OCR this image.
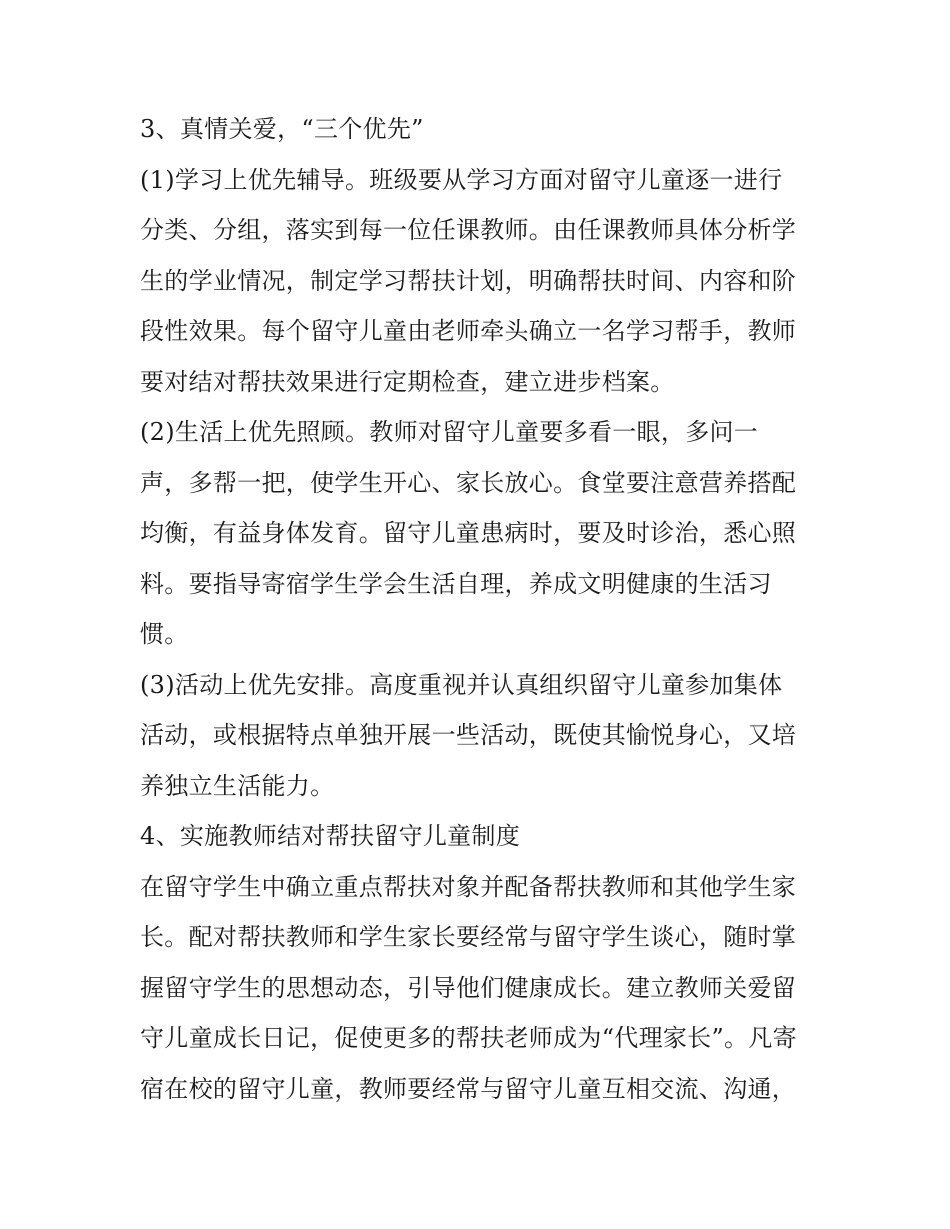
3、真情关爱，“三个优先”
(1)学习上优先辅导。班级要从学习方面对留守儿童逐一进行
分类、分组，落实到每一位任课教师。由任课教师具体分析学
生的学业情况，制定学习帮扶计划，明确帮扶时间、内容和阶
段性效果。每个留守儿童由老师牵头确立一名学习帮手，教师
要对结对帮扶效果进行定期检查，建立进步档案。
(2)生活上优先照顾。教师对留守儿童要多看一眼，多问一
声，多帮一把，使学生开心、家长放心。食堂要注意营养搭配
均衡，有益身体发育。留守儿童患病时，要及时诊治，悉心照
料。要指导寄宿学生学会生活自理，养成文明健康的生活习
惯。
(3)活动上优先安排。高度重视并认真组织留守儿童参加集体
活动，或根据特点单独开展一些活动，既使其愉悦身心，又培
养独立生活能力。
4、实施教师结对帮扶留守儿童制度
在留守学生中确立重点帮扶对象并配备帮扶教师和其他学生家
长。配对帮扶教师和学生家长要经常与留守学生谈心，随时掌
握留守学生的思想动态，引导他们健康成长。建立教师关爱留
守儿童成长日记，促使更多的帮扶老师成为“代理家长”。凡寄
宿在校的留守儿童，教师要经常与留守儿童互相交流、沟通，
